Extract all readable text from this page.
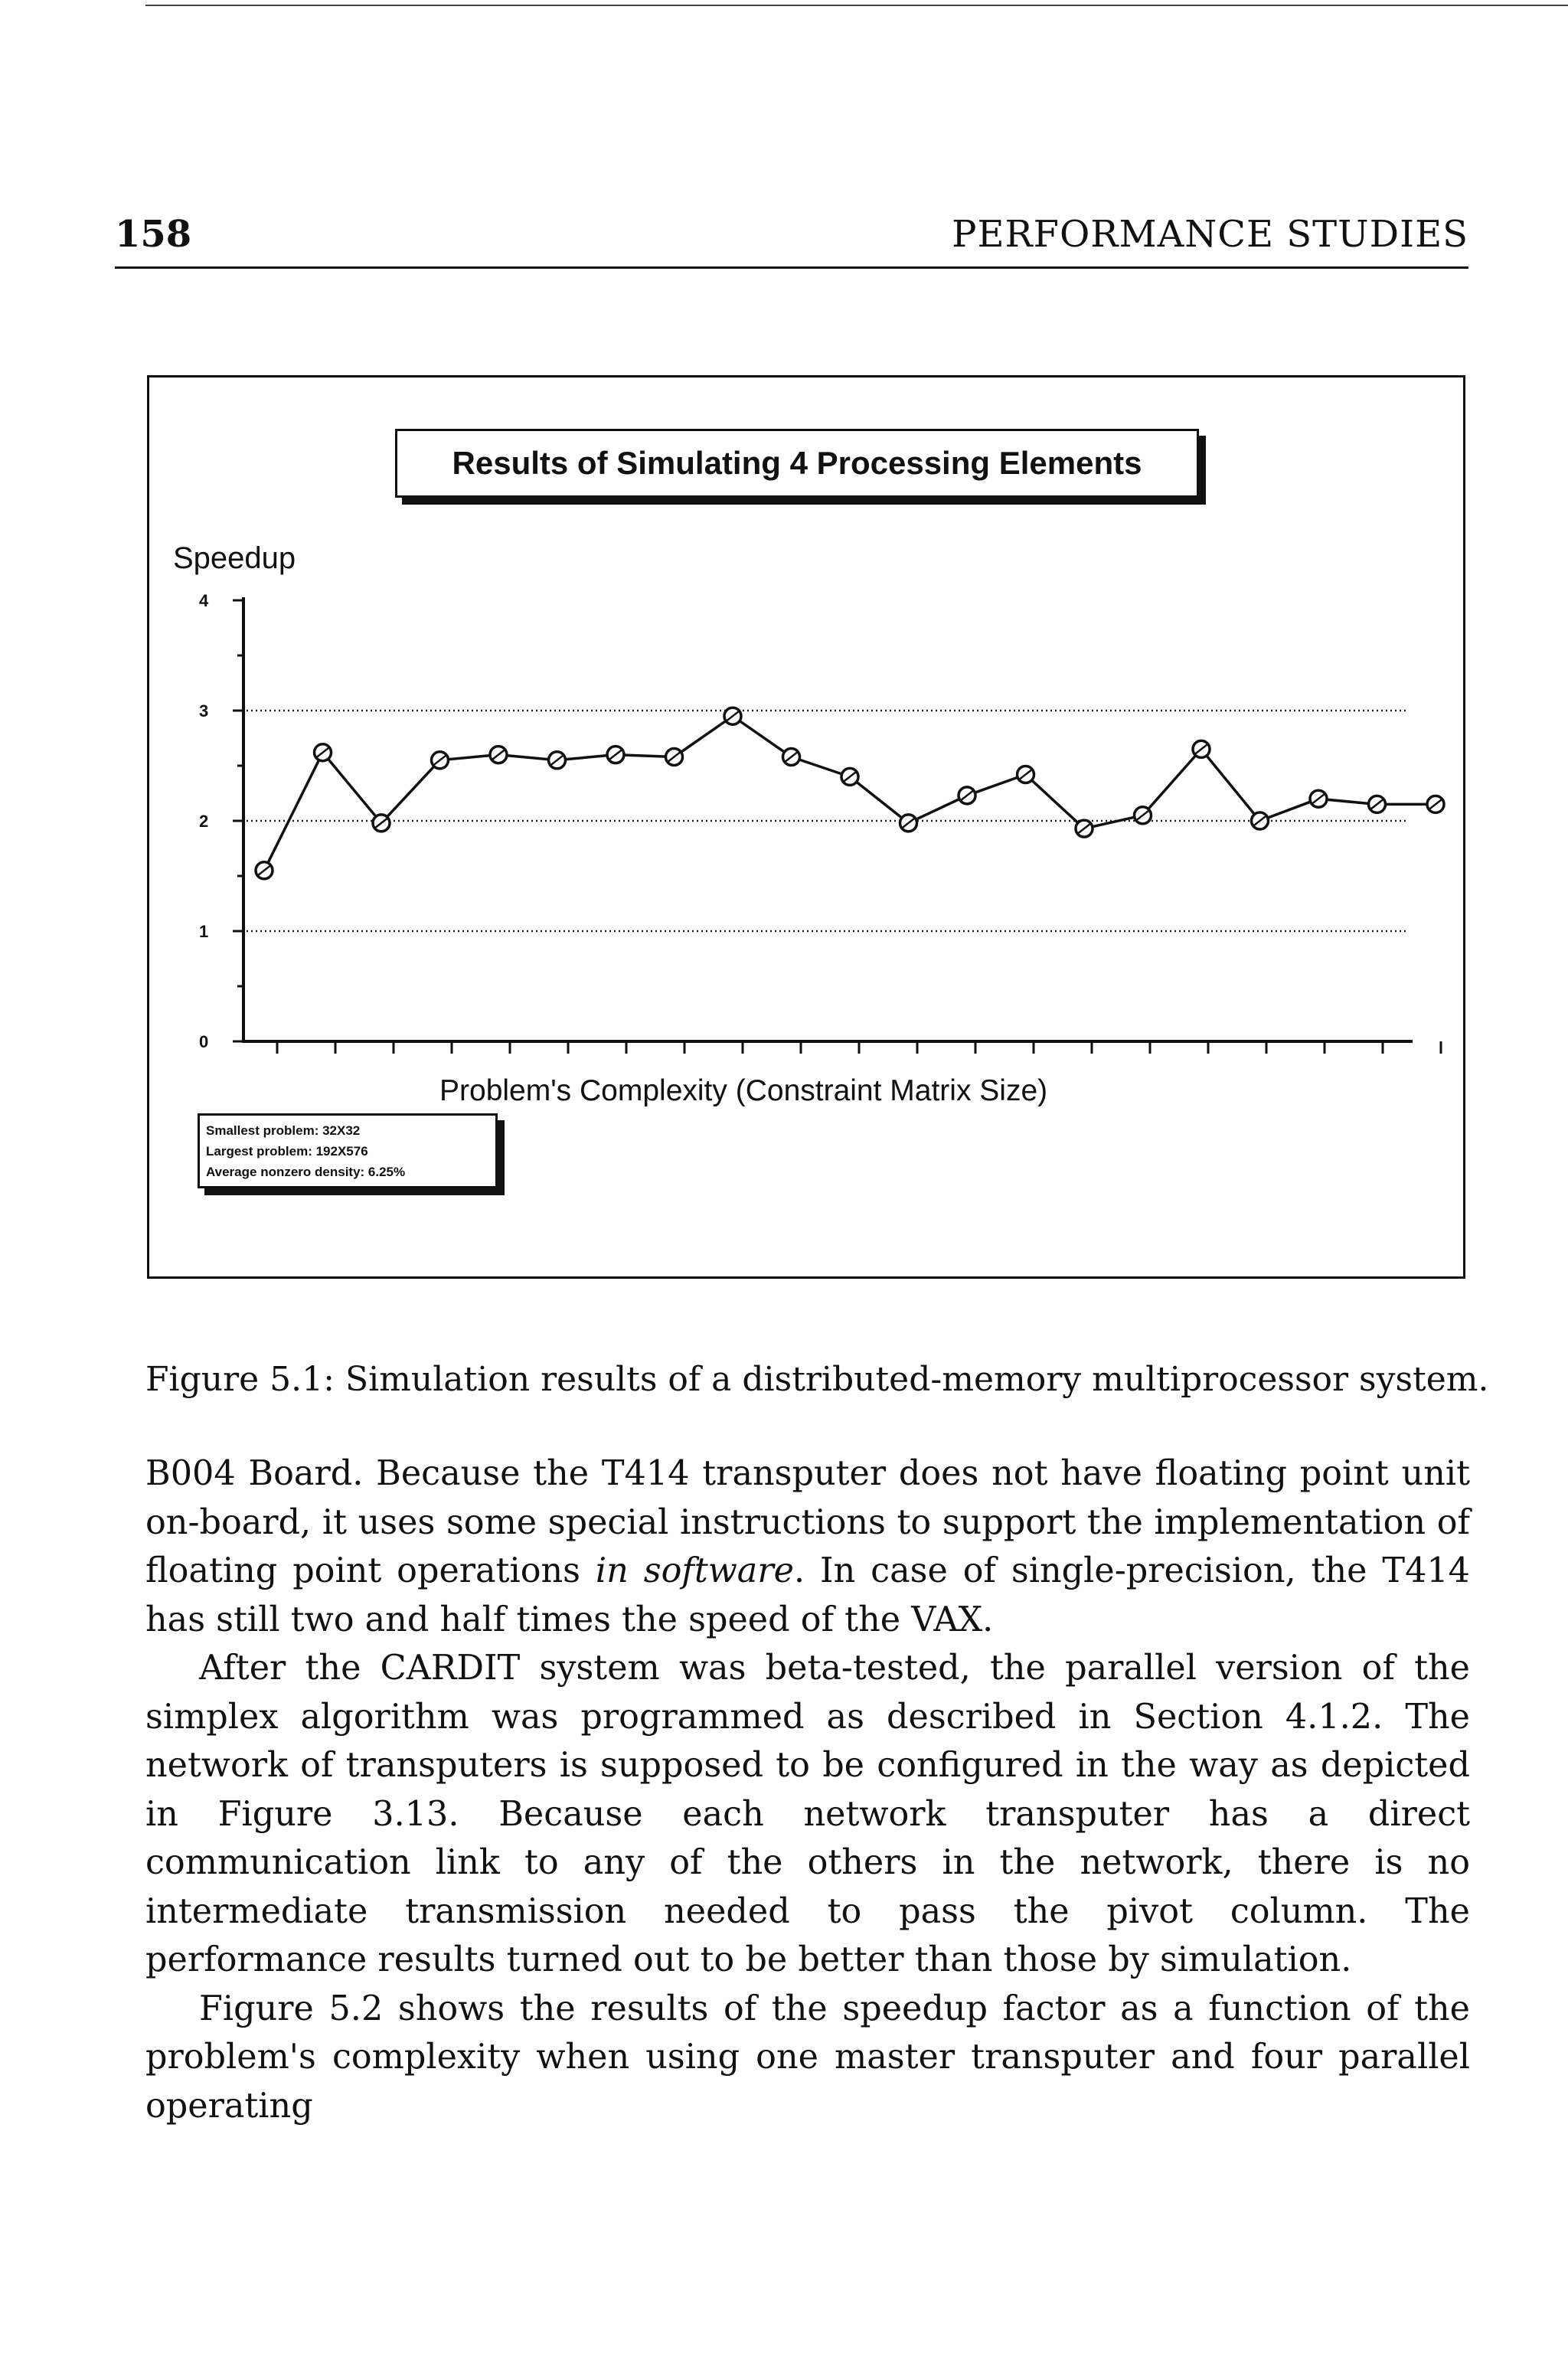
158	PERFORMANCE STUDIES
0
1
2
3
4
Speedup
Problem's Complexity (Constraint Matrix Size)
Results of Simulating 4 Processing Elements
Smallest problem: 32X32
Largest problem: 192X576
Average nonzero density: 6.25%
Figure 5.1: Simulation results of a distributed-memory multiprocessor system.

B004 Board. Because the T414 transputer does not have floating point unit on-board, it uses some special instructions to support the implementation of floating point operations in software. In case of single-precision, the T414 has still two and half times the speed of the VAX.

After the CARDIT system was beta-tested, the parallel version of the simplex algorithm was programmed as described in Section 4.1.2. The network of transputers is supposed to be configured in the way as depicted in Figure 3.13. Because each network transputer has a direct communication link to any of the others in the network, there is no intermediate transmission needed to pass the pivot column. The performance results turned out to be better than those by simulation.

Figure 5.2 shows the results of the speedup factor as a function of the problem's complexity when using one master transputer and four parallel operating
